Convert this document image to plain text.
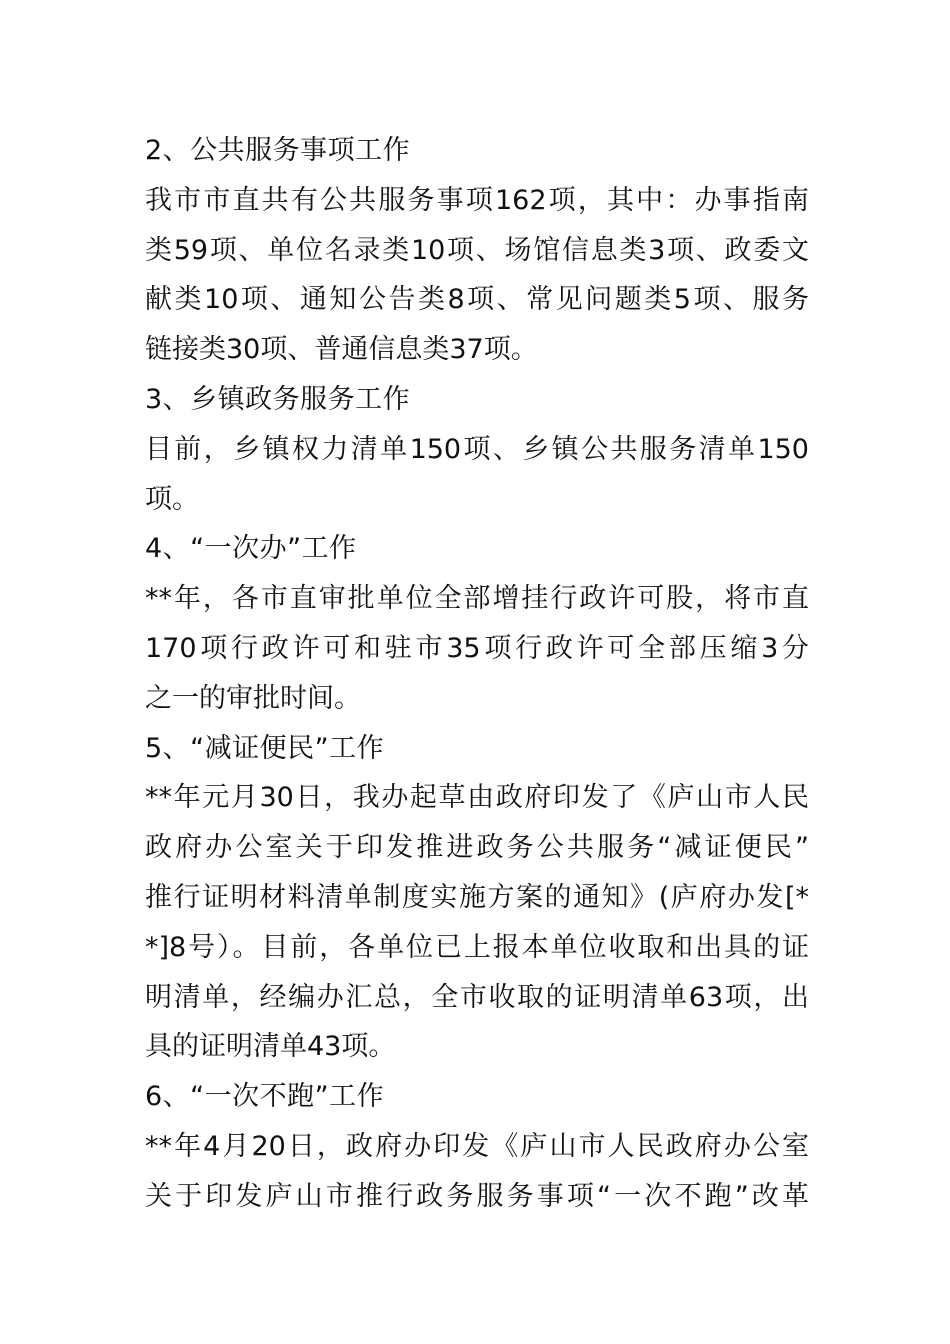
2、公共服务事项工作
我市市直共有公共服务事项162项，其中：办事指南
类59项、单位名录类10项、场馆信息类3项、政委文
献类10项、通知公告类8项、常见问题类5项、服务
链接类30项、普通信息类37项。
3、乡镇政务服务工作
目前，乡镇权力清单150项、乡镇公共服务清单150
项。
4、“一次办”工作
**年，各市直审批单位全部增挂行政许可股，将市直
170项行政许可和驻市35项行政许可全部压缩3分
之一的审批时间。
5、“减证便民”工作
**年元月30日，我办起草由政府印发了《庐山市人民
政府办公室关于印发推进政务公共服务“减证便民”
推行证明材料清单制度实施方案的通知》(庐府办发[*
*]8号）。目前，各单位已上报本单位收取和出具的证
明清单，经编办汇总，全市收取的证明清单63项，出
具的证明清单43项。
6、“一次不跑”工作
**年4月20日，政府办印发《庐山市人民政府办公室
关于印发庐山市推行政务服务事项“一次不跑”改革
